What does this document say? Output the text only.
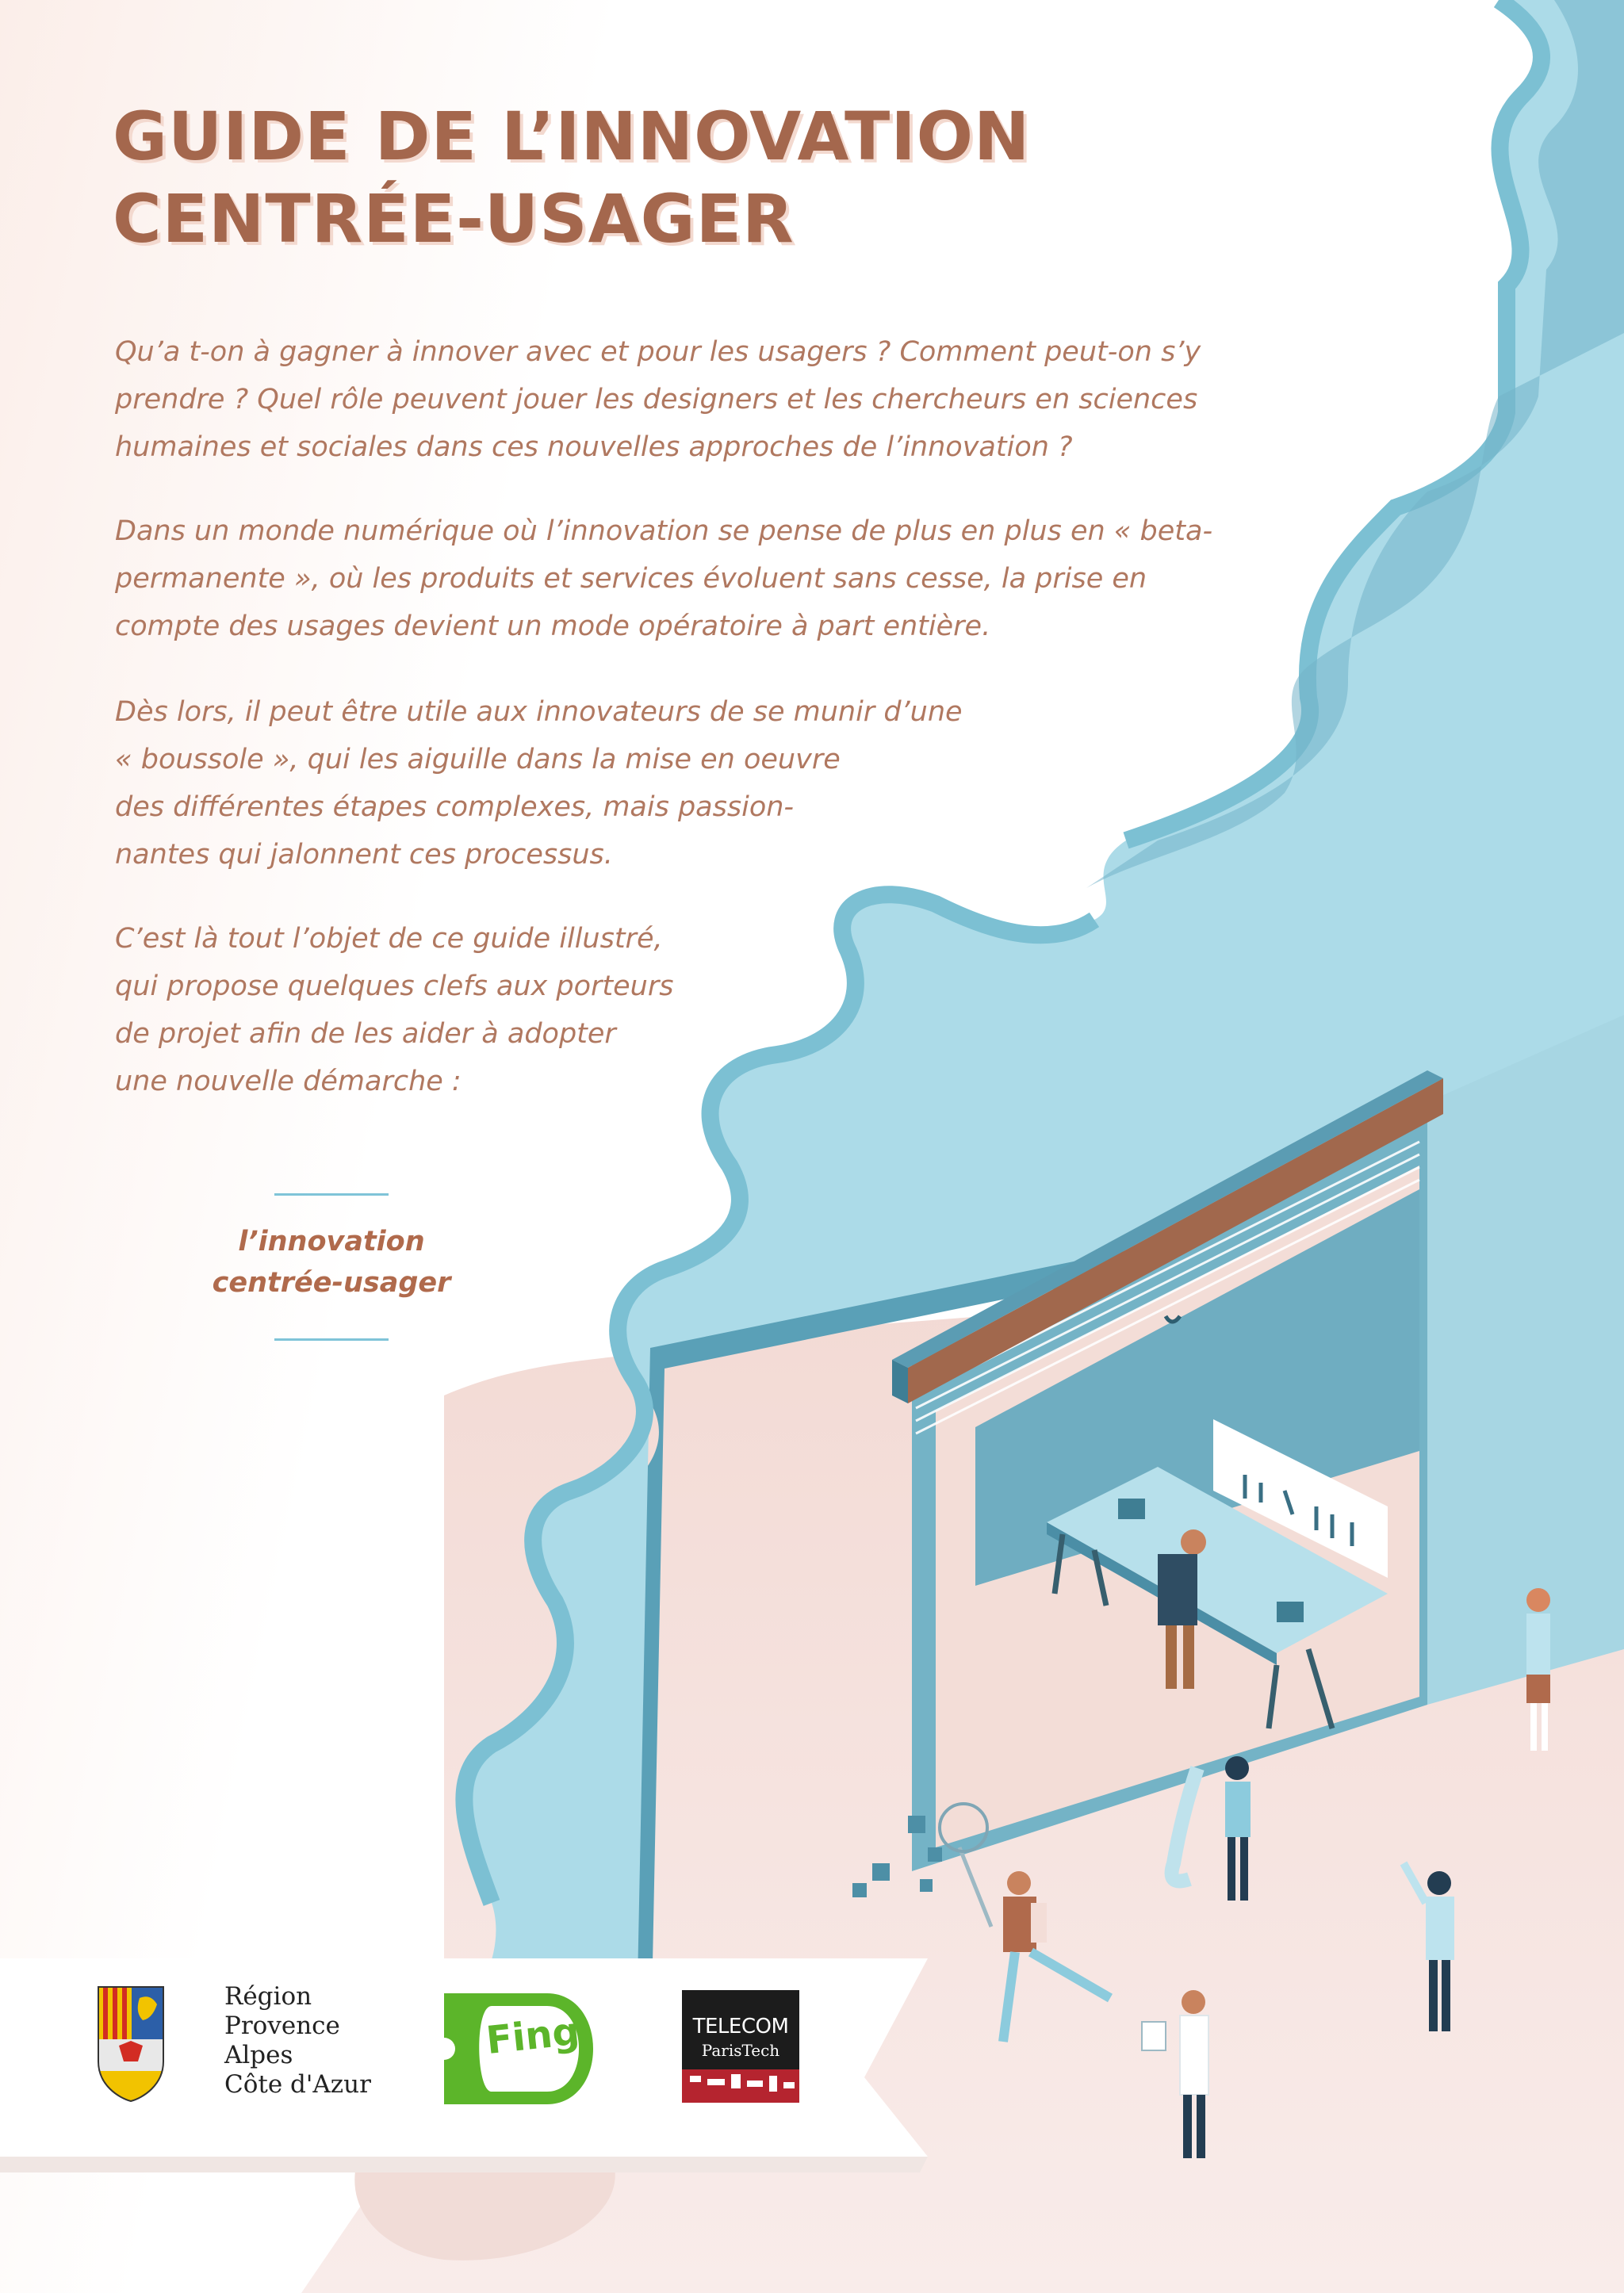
GUIDE DE L’INNOVATION
CENTRÉE-USAGER

Qu’a t-on à gagner à innover avec et pour les usagers ? Comment peut-on s’y
prendre ? Quel rôle peuvent jouer les designers et les chercheurs en sciences
humaines et sociales dans ces nouvelles approches de l’innovation ?

Dans un monde numérique où l’innovation se pense de plus en plus en « beta-
permanente », où les produits et services évoluent sans cesse, la prise en
compte des usages devient un mode opératoire à part entière.

Dès lors, il peut être utile aux innovateurs de se munir d’une
« boussole », qui les aiguille dans la mise en oeuvre
des différentes étapes complexes, mais passion-
nantes qui jalonnent ces processus.

C’est là tout l’objet de ce guide illustré,
qui propose quelques clefs aux porteurs
de projet afin de les aider à adopter
une nouvelle démarche :

l’innovation
centrée-usager
Région
Provence
Alpes
Côte d'Azur
Fing	TELECOM
ParisTech
